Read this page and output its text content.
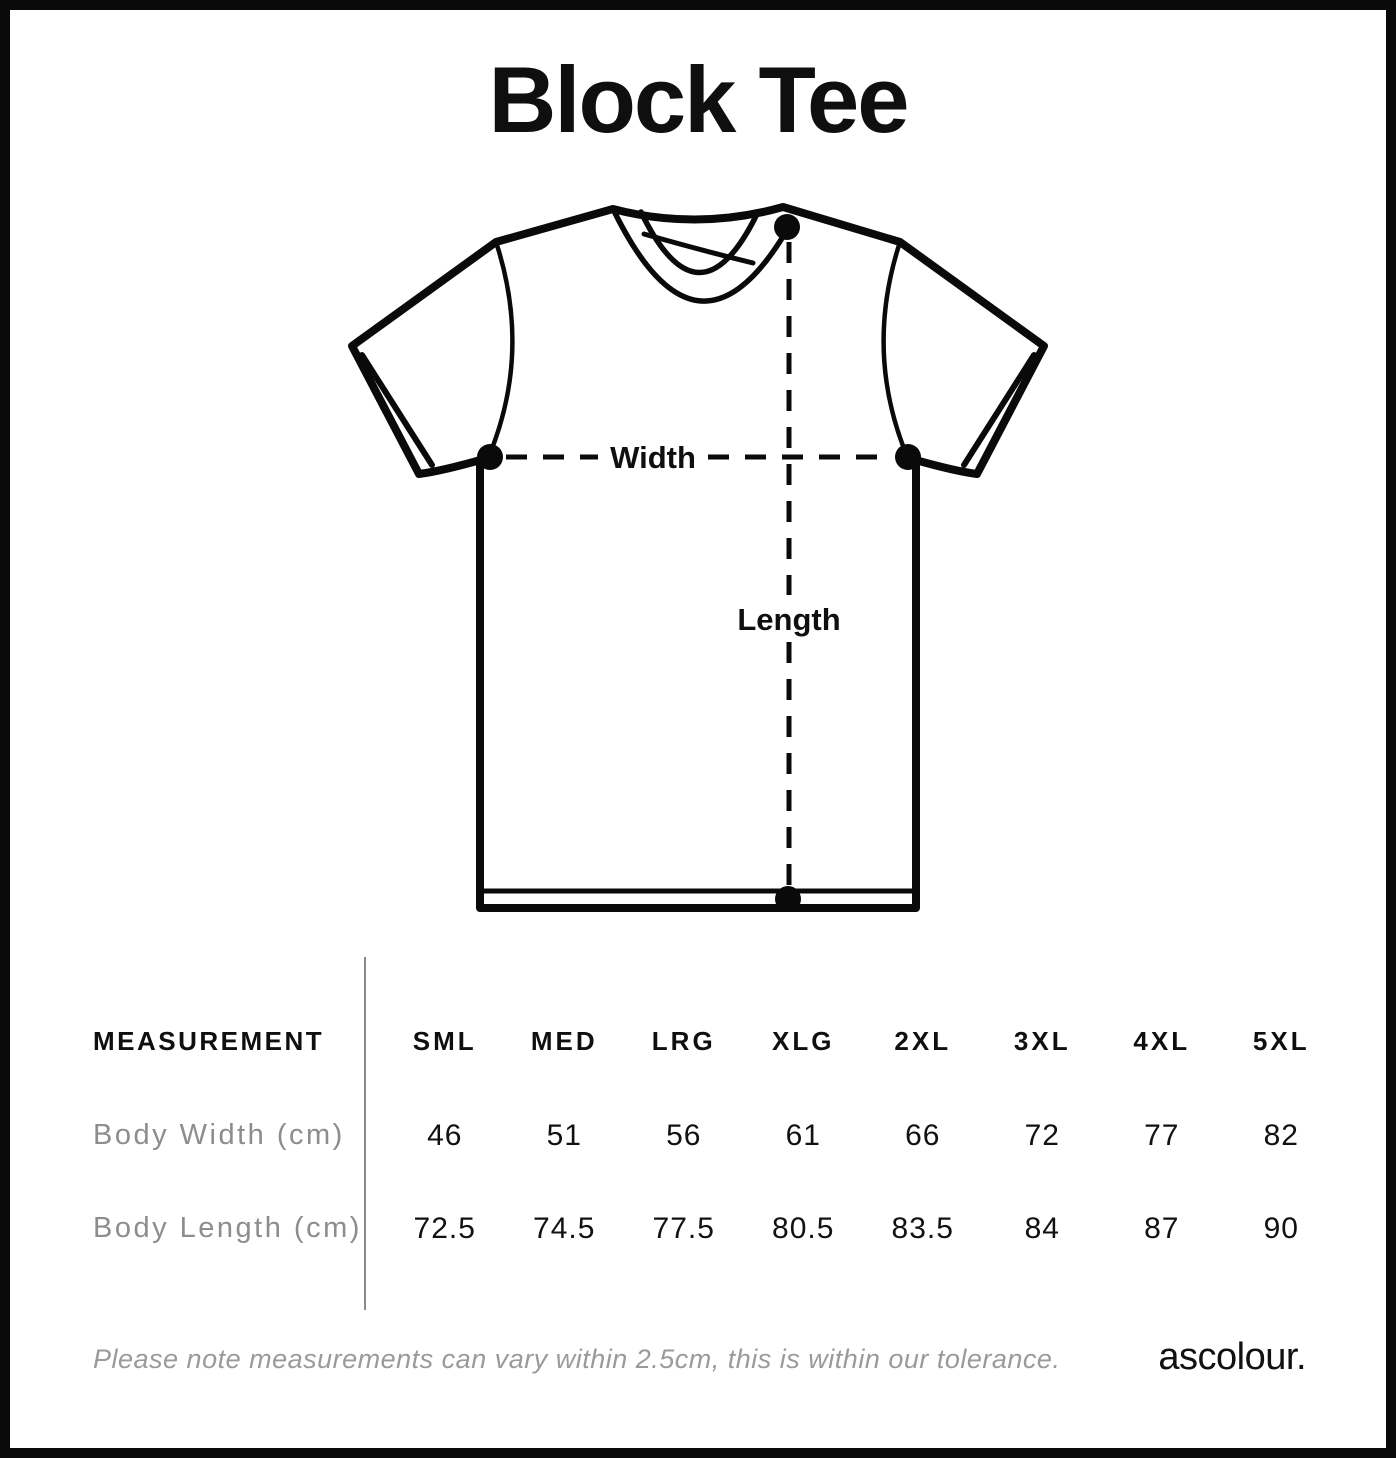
Block Tee
Width
Length
MEASUREMENT	SML	MED	LRG	XLG	2XL	3XL	4XL	5XL
Body Width (cm)	46	51	56	61	66	72	77	82
Body Length (cm)	72.5	74.5	77.5	80.5	83.5	84	87	90
Please note measurements can vary within 2.5cm, this is within our tolerance.	ascolour.
